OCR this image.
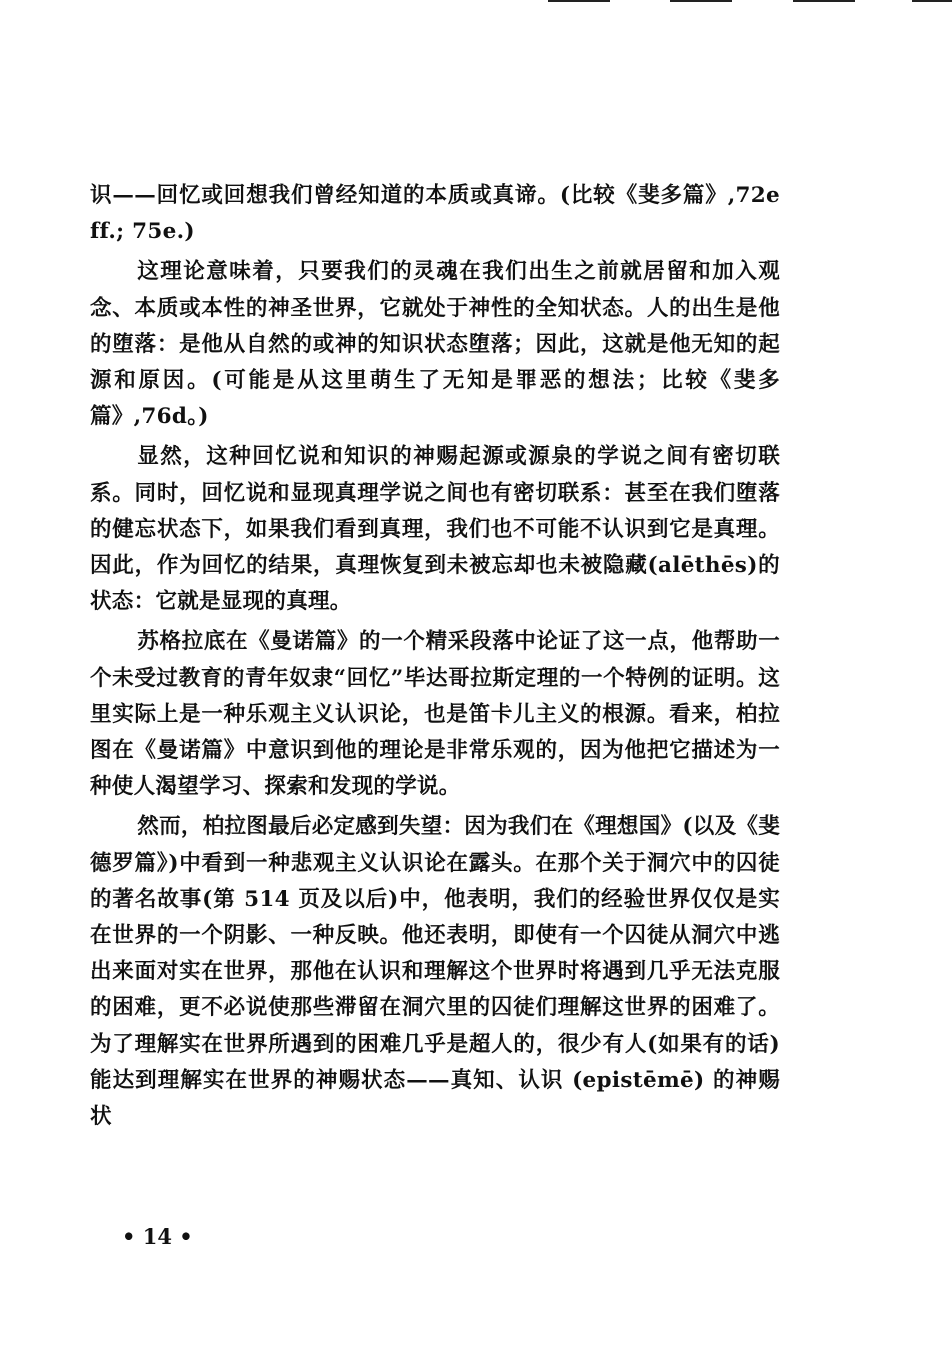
识——回忆或回想我们曾经知道的本质或真谛。(比较《斐多篇》,72e ff.; 75e.)

这理论意味着，只要我们的灵魂在我们出生之前就居留和加入观念、本质或本性的神圣世界，它就处于神性的全知状态。人的出生是他的堕落：是他从自然的或神的知识状态堕落；因此，这就是他无知的起源和原因。(可能是从这里萌生了无知是罪恶的想法；比较《斐多篇》,76d。)

显然，这种回忆说和知识的神赐起源或源泉的学说之间有密切联系。同时，回忆说和显现真理学说之间也有密切联系：甚至在我们堕落的健忘状态下，如果我们看到真理，我们也不可能不认识到它是真理。因此，作为回忆的结果，真理恢复到未被忘却也未被隐藏(alēthēs)的状态：它就是显现的真理。

苏格拉底在《曼诺篇》的一个精采段落中论证了这一点，他帮助一个未受过教育的青年奴隶“回忆”毕达哥拉斯定理的一个特例的证明。这里实际上是一种乐观主义认识论，也是笛卡儿主义的根源。看来，柏拉图在《曼诺篇》中意识到他的理论是非常乐观的，因为他把它描述为一种使人渴望学习、探索和发现的学说。

然而，柏拉图最后必定感到失望：因为我们在《理想国》(以及《斐德罗篇》)中看到一种悲观主义认识论在露头。在那个关于洞穴中的囚徒的著名故事(第 514 页及以后)中，他表明，我们的经验世界仅仅是实在世界的一个阴影、一种反映。他还表明，即使有一个囚徒从洞穴中逃出来面对实在世界，那他在认识和理解这个世界时将遇到几乎无法克服的困难，更不必说使那些滞留在洞穴里的囚徒们理解这世界的困难了。为了理解实在世界所遇到的困难几乎是超人的，很少有人(如果有的话)能达到理解实在世界的神赐状态——真知、认识 (epistēmē) 的神赐状

• 14 •
